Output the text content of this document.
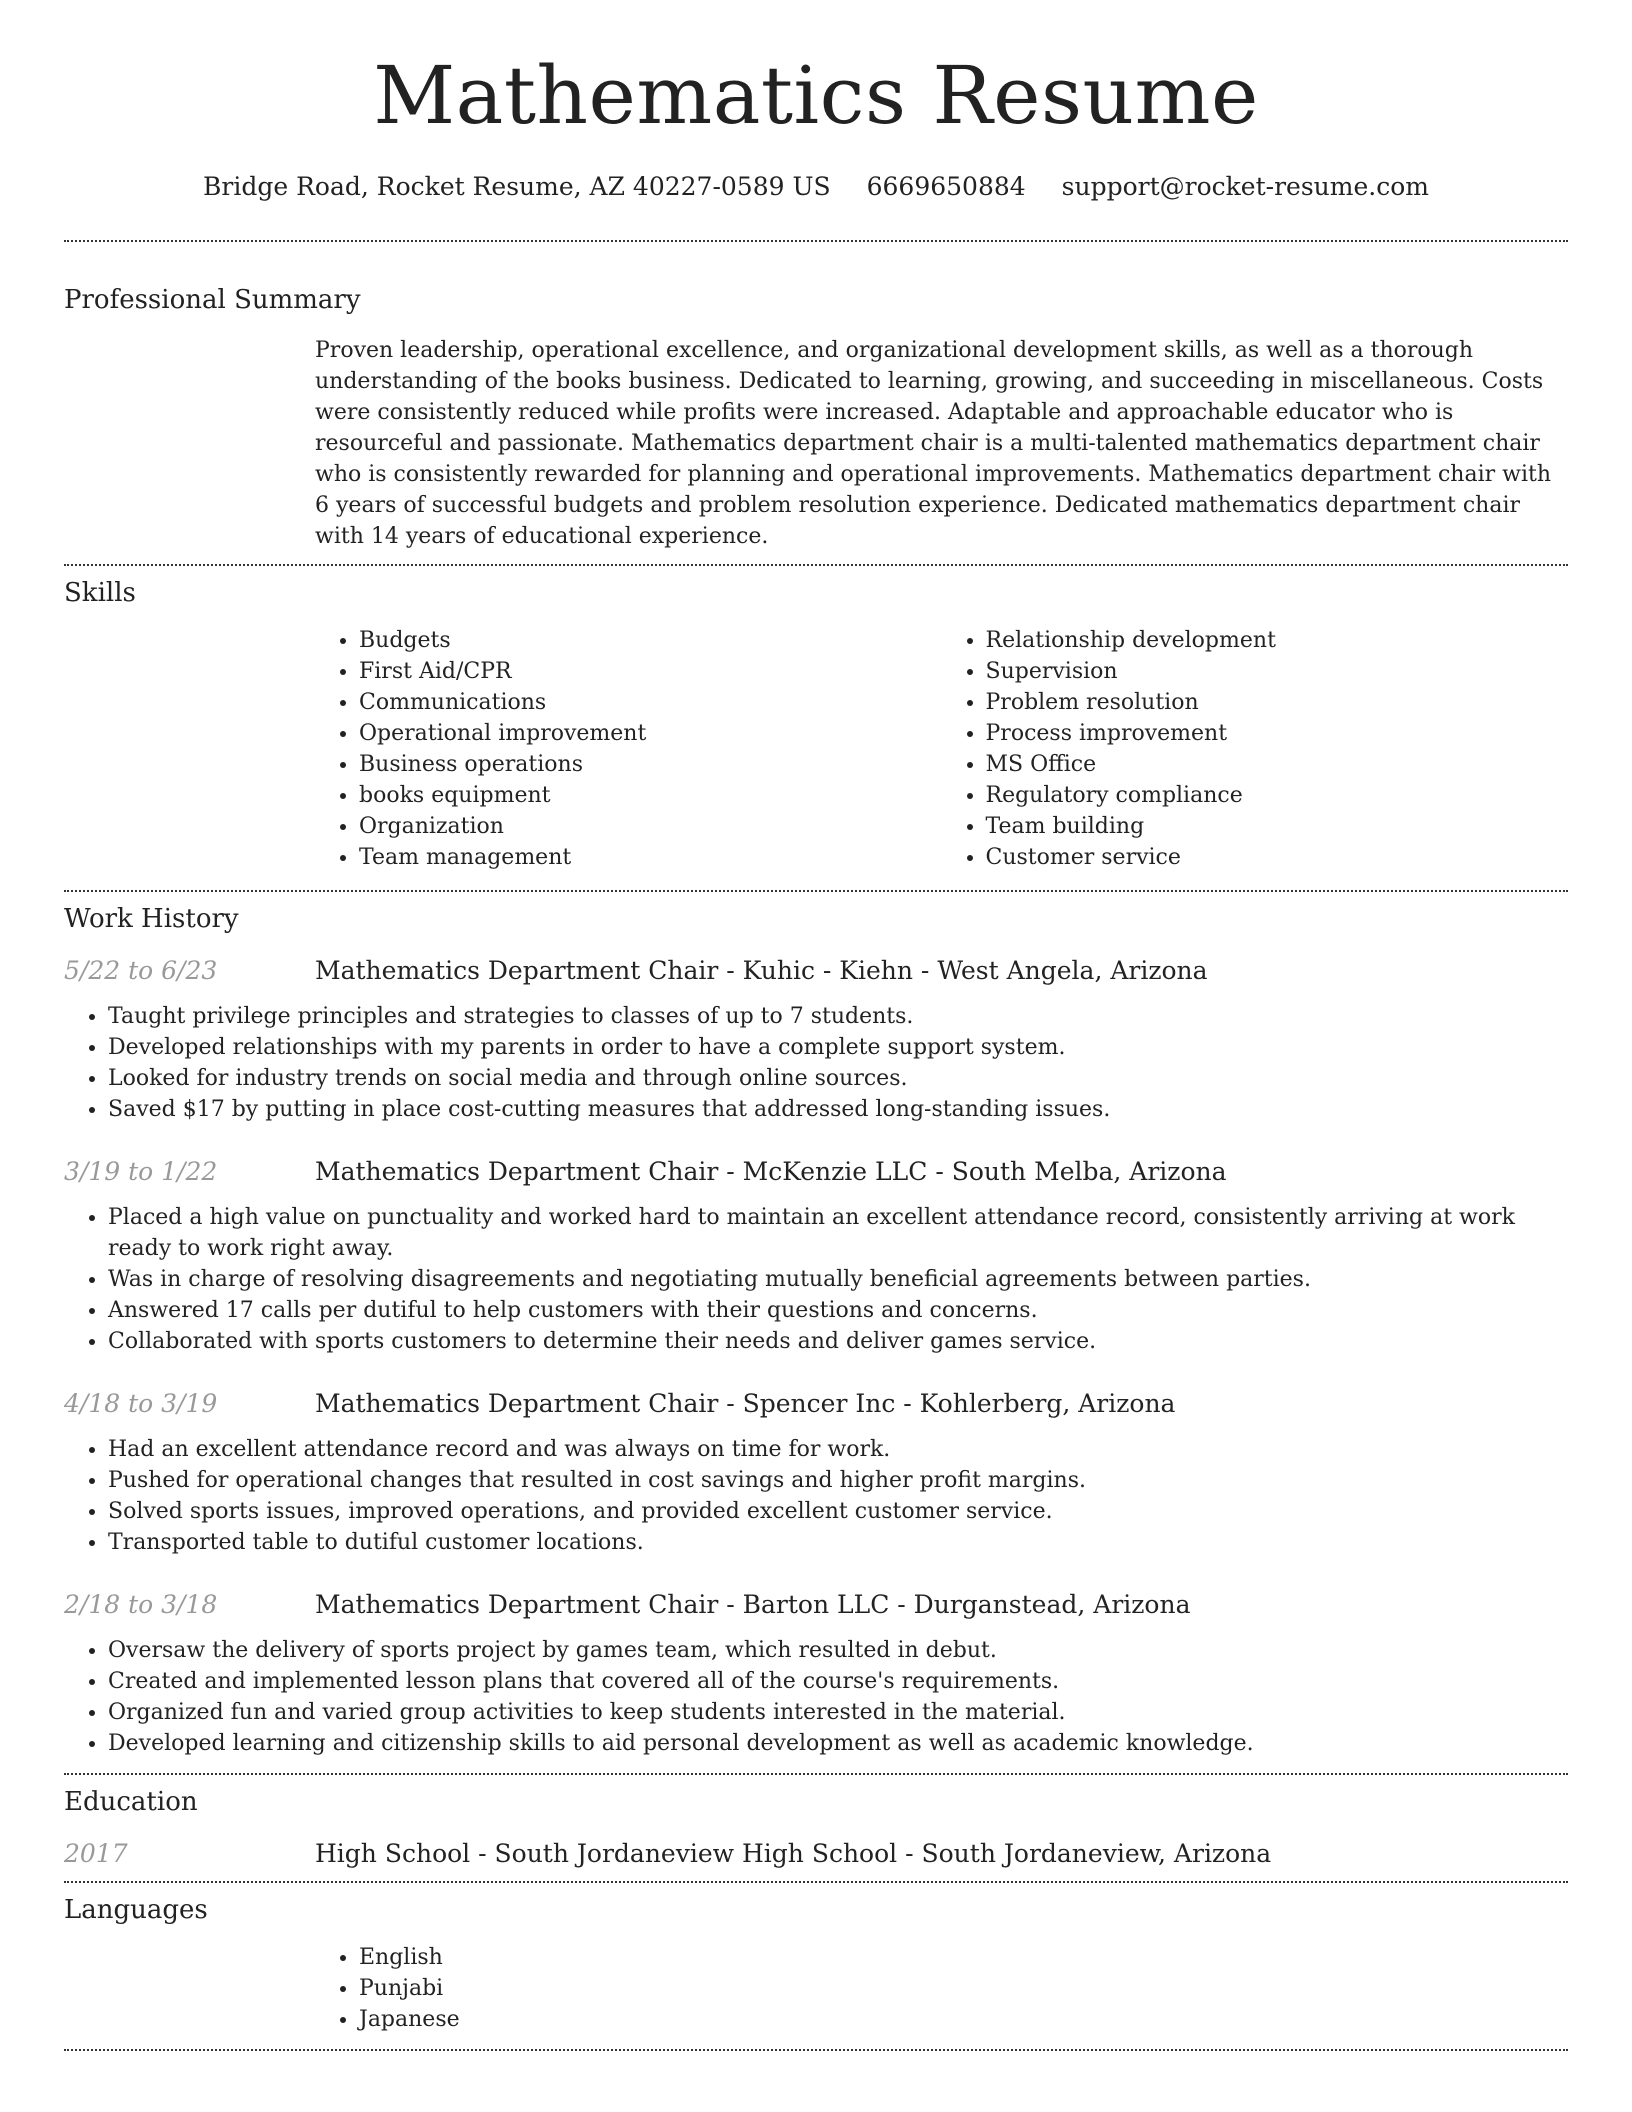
Mathematics Resume
Bridge Road, Rocket Resume, AZ 40227-0589 US 6669650884 support@rocket-resume.com
Professional Summary

Proven leadership, operational excellence, and organizational development skills, as well as a thorough understanding of the books business. Dedicated to learning, growing, and succeeding in miscellaneous. Costs were consistently reduced while profits were increased. Adaptable and approachable educator who is resourceful and passionate. Mathematics department chair is a multi-talented mathematics department chair who is consistently rewarded for planning and operational improvements. Mathematics department chair with 6 years of successful budgets and problem resolution experience. Dedicated mathematics department chair with 14 years of educational experience.

Skills
• Budgets
• First Aid/CPR
• Communications
• Operational improvement
• Business operations
• books equipment
• Organization
• Team management
• Relationship development
• Supervision
• Problem resolution
• Process improvement
• MS Office
• Regulatory compliance
• Team building
• Customer service
Work History
5/22 to 6/23	Mathematics Department Chair - Kuhic - Kiehn - West Angela, Arizona
• Taught privilege principles and strategies to classes of up to 7 students.
• Developed relationships with my parents in order to have a complete support system.
• Looked for industry trends on social media and through online sources.
• Saved $17 by putting in place cost-cutting measures that addressed long-standing issues.
3/19 to 1/22	Mathematics Department Chair - McKenzie LLC - South Melba, Arizona
• Placed a high value on punctuality and worked hard to maintain an excellent attendance record, consistently arriving at work ready to work right away.
• Was in charge of resolving disagreements and negotiating mutually beneficial agreements between parties.
• Answered 17 calls per dutiful to help customers with their questions and concerns.
• Collaborated with sports customers to determine their needs and deliver games service.
4/18 to 3/19	Mathematics Department Chair - Spencer Inc - Kohlerberg, Arizona
• Had an excellent attendance record and was always on time for work.
• Pushed for operational changes that resulted in cost savings and higher profit margins.
• Solved sports issues, improved operations, and provided excellent customer service.
• Transported table to dutiful customer locations.
2/18 to 3/18	Mathematics Department Chair - Barton LLC - Durganstead, Arizona
• Oversaw the delivery of sports project by games team, which resulted in debut.
• Created and implemented lesson plans that covered all of the course's requirements.
• Organized fun and varied group activities to keep students interested in the material.
• Developed learning and citizenship skills to aid personal development as well as academic knowledge.
Education
2017	High School - South Jordaneview High School - South Jordaneview, Arizona
Languages
• English
• Punjabi
• Japanese
